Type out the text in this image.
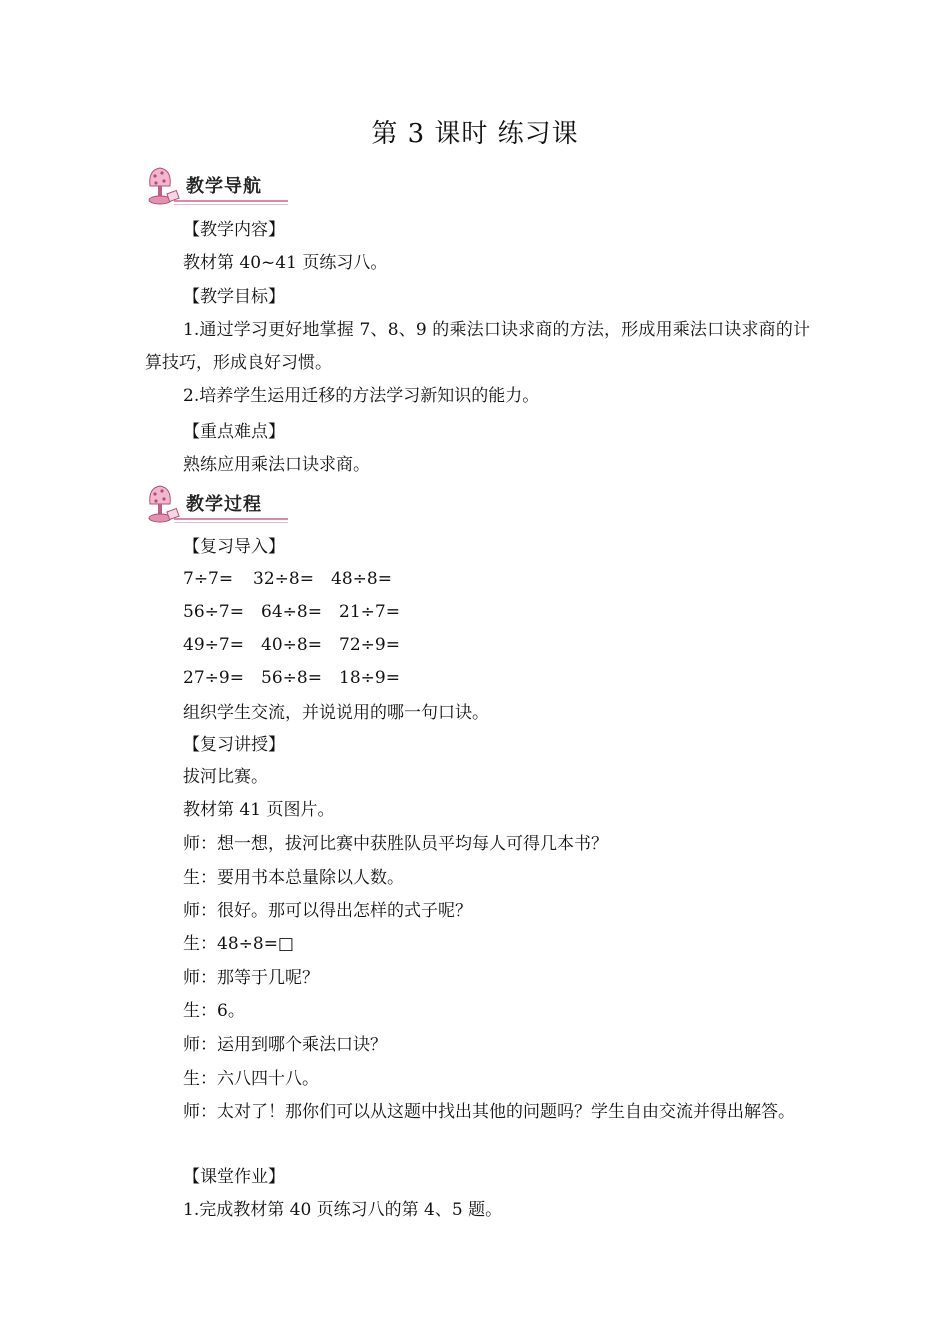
第 3 课时 练习课
教学导航
【教学内容】
教材第 40~41 页练习八。
【教学目标】
1.通过学习更好地掌握 7、8、9 的乘法口诀求商的方法，形成用乘法口诀求商的计算技巧，形成良好习惯。
2.培养学生运用迁移的方法学习新知识的能力。
【重点难点】
熟练应用乘法口诀求商。
教学过程
【复习导入】
7÷7= 32÷8= 48÷8=
56÷7= 64÷8= 21÷7=
49÷7= 40÷8= 72÷9=
27÷9= 56÷8= 18÷9=
组织学生交流，并说说用的哪一句口诀。
【复习讲授】
拔河比赛。
教材第 41 页图片。
师：想一想，拔河比赛中获胜队员平均每人可得几本书？
生：要用书本总量除以人数。
师：很好。那可以得出怎样的式子呢？
生：48÷8=□
师：那等于几呢？
生：6。
师：运用到哪个乘法口诀？
生：六八四十八。
师：太对了！那你们可以从这题中找出其他的问题吗？学生自由交流并得出解答。
【课堂作业】
1.完成教材第 40 页练习八的第 4、5 题。
